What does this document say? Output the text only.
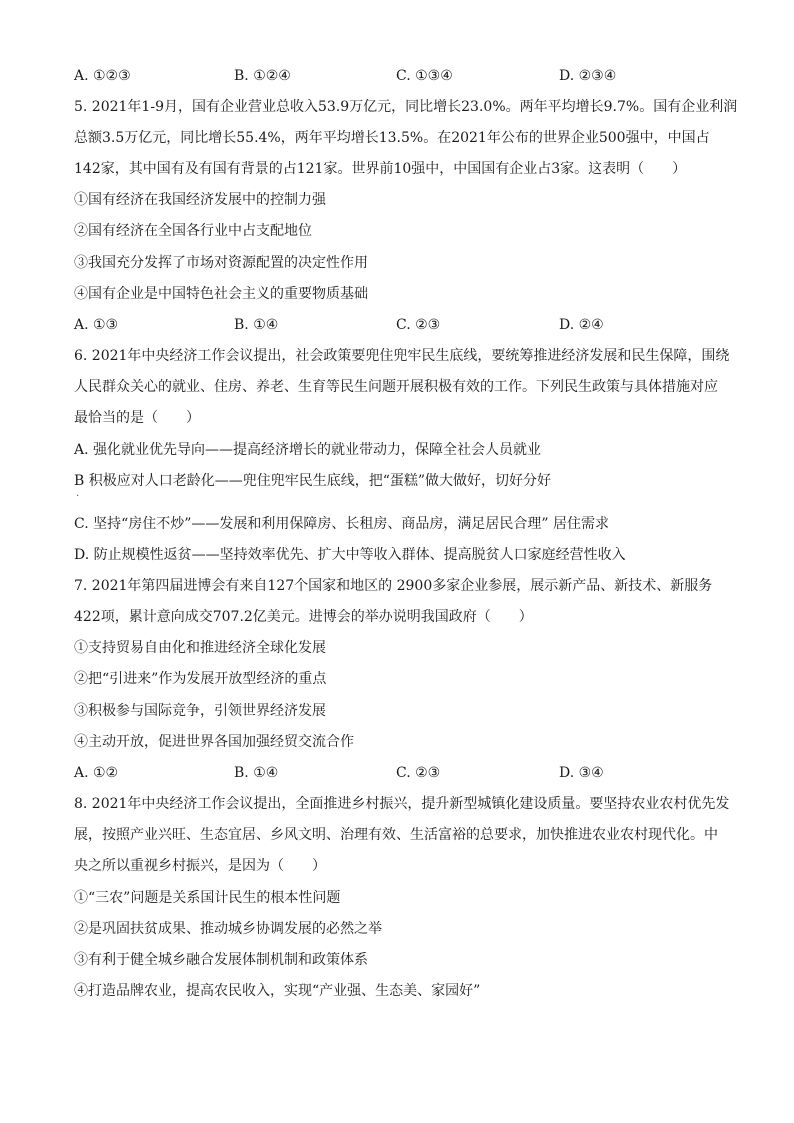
A. ①②③	B. ①②④	C. ①③④	D. ②③④
5. 2021年1-9月，国有企业营业总收入53.9万亿元，同比增长23.0%。两年平均增长9.7%。国有企业利润
总额3.5万亿元，同比增长55.4%，两年平均增长13.5%。在2021年公布的世界企业500强中，中国占
142家，其中国有及有国有背景的占121家。世界前10强中，中国国有企业占3家。这表明（　　）
①国有经济在我国经济发展中的控制力强
②国有经济在全国各行业中占支配地位
③我国充分发挥了市场对资源配置的决定性作用
④国有企业是中国特色社会主义的重要物质基础
A. ①③	B. ①④	C. ②③	D. ②④
6. 2021年中央经济工作会议提出，社会政策要兜住兜牢民生底线，要统筹推进经济发展和民生保障，围绕
人民群众关心的就业、住房、养老、生育等民生问题开展积极有效的工作。下列民生政策与具体措施对应
最恰当的是（　　）
A. 强化就业优先导向——提高经济增长的就业带动力，保障全社会人员就业
B 积极应对人口老龄化——兜住兜牢民生底线，把“蛋糕”做大做好，切好分好
·
C. 坚持“房住不炒”——发展和利用保障房、长租房、商品房，满足居民合理” 居住需求
D. 防止规模性返贫——坚持效率优先、扩大中等收入群体、提高脱贫人口家庭经营性收入
7. 2021年第四届进博会有来自127个国家和地区的 2900多家企业参展，展示新产品、新技术、新服务
422项，累计意向成交707.2亿美元。进博会的举办说明我国政府（　　）
①支持贸易自由化和推进经济全球化发展
②把“引进来”作为发展开放型经济的重点
③积极参与国际竞争，引领世界经济发展
④主动开放，促进世界各国加强经贸交流合作
A. ①②	B. ①④	C. ②③	D. ③④
8. 2021年中央经济工作会议提出，全面推进乡村振兴，提升新型城镇化建设质量。要坚持农业农村优先发
展，按照产业兴旺、生态宜居、乡风文明、治理有效、生活富裕的总要求，加快推进农业农村现代化。中
央之所以重视乡村振兴，是因为（　　）
①“三农”问题是关系国计民生的根本性问题
②是巩固扶贫成果、推动城乡协调发展的必然之举
③有利于健全城乡融合发展体制机制和政策体系
④打造品牌农业，提高农民收入，实现“产业强、生态美、家园好”
